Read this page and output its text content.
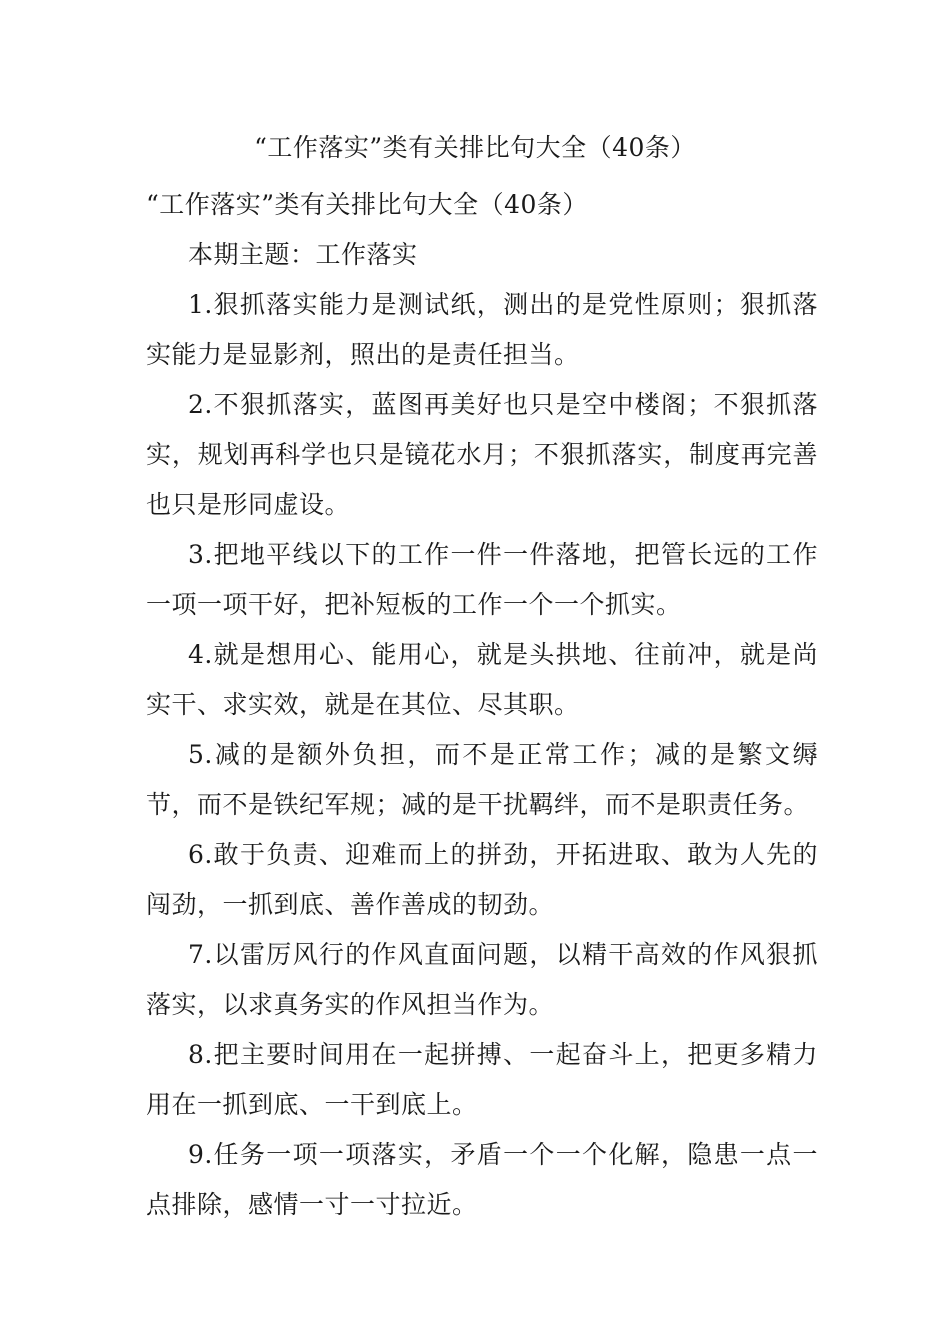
“工作落实”类有关排比句大全（40条）

“工作落实”类有关排比句大全（40条）

本期主题：工作落实

1.狠抓落实能力是测试纸，测出的是党性原则；狠抓落实能力是显影剂，照出的是责任担当。

2.不狠抓落实，蓝图再美好也只是空中楼阁；不狠抓落实，规划再科学也只是镜花水月；不狠抓落实，制度再完善也只是形同虚设。

3.把地平线以下的工作一件一件落地，把管长远的工作一项一项干好，把补短板的工作一个一个抓实。

4.就是想用心、能用心，就是头拱地、往前冲，就是尚实干、求实效，就是在其位、尽其职。

5.减的是额外负担，而不是正常工作；减的是繁文缛节，而不是铁纪军规；减的是干扰羁绊，而不是职责任务。

6.敢于负责、迎难而上的拼劲，开拓进取、敢为人先的闯劲，一抓到底、善作善成的韧劲。

7.以雷厉风行的作风直面问题，以精干高效的作风狠抓落实，以求真务实的作风担当作为。

8.把主要时间用在一起拼搏、一起奋斗上，把更多精力用在一抓到底、一干到底上。

9.任务一项一项落实，矛盾一个一个化解，隐患一点一点排除，感情一寸一寸拉近。
